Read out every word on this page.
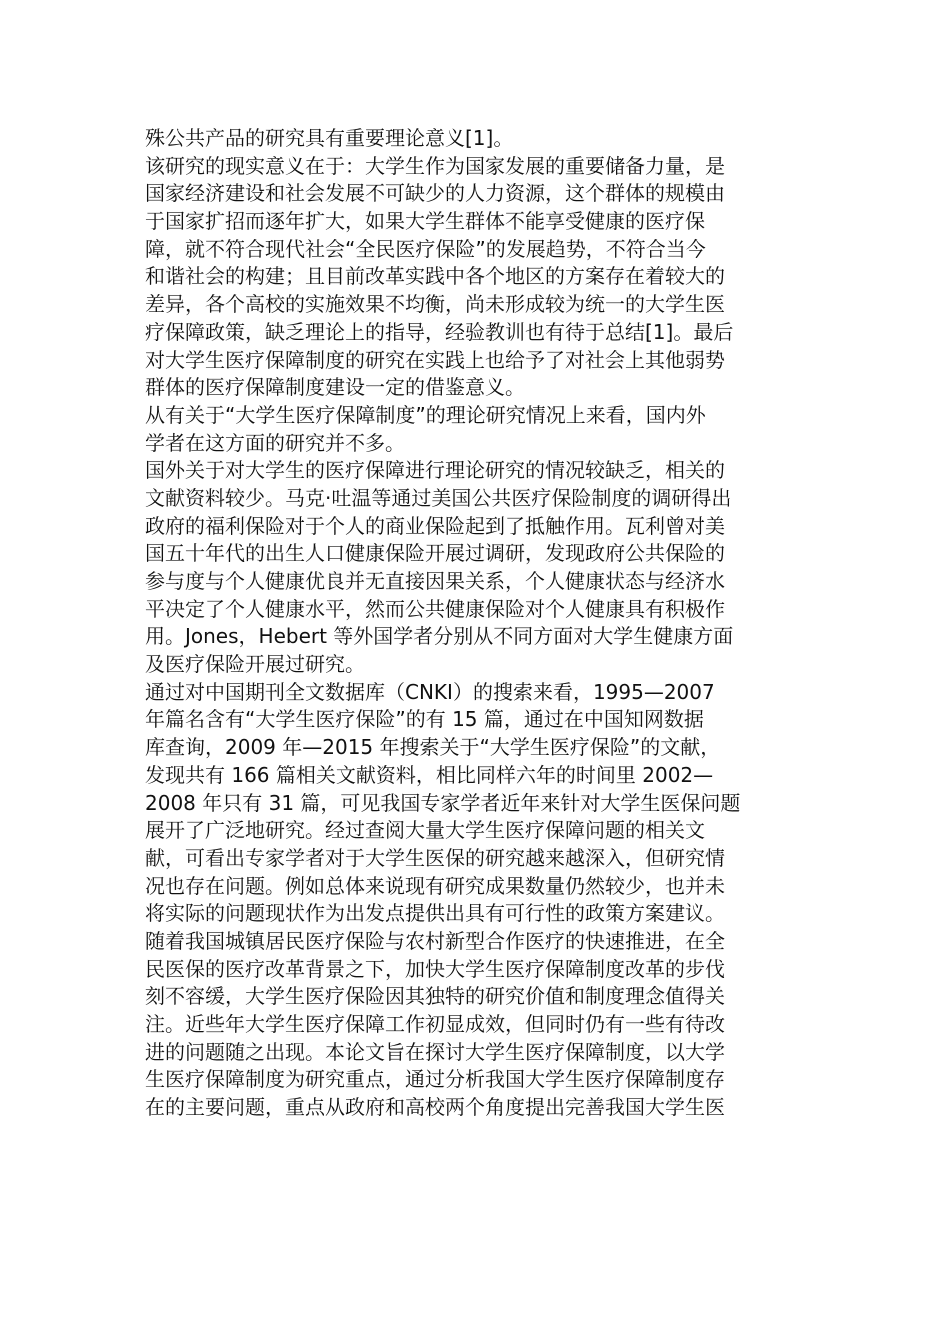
殊公共产品的研究具有重要理论意义[1]。
该研究的现实意义在于：大学生作为国家发展的重要储备力量，是
国家经济建设和社会发展不可缺少的人力资源，这个群体的规模由
于国家扩招而逐年扩大，如果大学生群体不能享受健康的医疗保
障，就不符合现代社会“全民医疗保险”的发展趋势，不符合当今
和谐社会的构建；且目前改革实践中各个地区的方案存在着较大的
差异，各个高校的实施效果不均衡，尚未形成较为统一的大学生医
疗保障政策，缺乏理论上的指导，经验教训也有待于总结[1]。最后
对大学生医疗保障制度的研究在实践上也给予了对社会上其他弱势
群体的医疗保障制度建设一定的借鉴意义。
从有关于“大学生医疗保障制度”的理论研究情况上来看，国内外
学者在这方面的研究并不多。
国外关于对大学生的医疗保障进行理论研究的情况较缺乏，相关的
文献资料较少。马克·吐温等通过美国公共医疗保险制度的调研得出
政府的福利保险对于个人的商业保险起到了抵触作用。瓦利曾对美
国五十年代的出生人口健康保险开展过调研，发现政府公共保险的
参与度与个人健康优良并无直接因果关系，个人健康状态与经济水
平决定了个人健康水平，然而公共健康保险对个人健康具有积极作
用。Jones，Hebert 等外国学者分别从不同方面对大学生健康方面
及医疗保险开展过研究。
通过对中国期刊全文数据库（CNKI）的搜索来看，1995—2007
年篇名含有“大学生医疗保险”的有 15 篇，通过在中国知网数据
库查询，2009 年—2015 年搜索关于“大学生医疗保险”的文献，
发现共有 166 篇相关文献资料，相比同样六年的时间里 2002—
2008 年只有 31 篇，可见我国专家学者近年来针对大学生医保问题
展开了广泛地研究。经过查阅大量大学生医疗保障问题的相关文
献，可看出专家学者对于大学生医保的研究越来越深入，但研究情
况也存在问题。例如总体来说现有研究成果数量仍然较少，也并未
将实际的问题现状作为出发点提供出具有可行性的政策方案建议。
随着我国城镇居民医疗保险与农村新型合作医疗的快速推进，在全
民医保的医疗改革背景之下，加快大学生医疗保障制度改革的步伐
刻不容缓，大学生医疗保险因其独特的研究价值和制度理念值得关
注。近些年大学生医疗保障工作初显成效，但同时仍有一些有待改
进的问题随之出现。本论文旨在探讨大学生医疗保障制度，以大学
生医疗保障制度为研究重点，通过分析我国大学生医疗保障制度存
在的主要问题，重点从政府和高校两个角度提出完善我国大学生医
